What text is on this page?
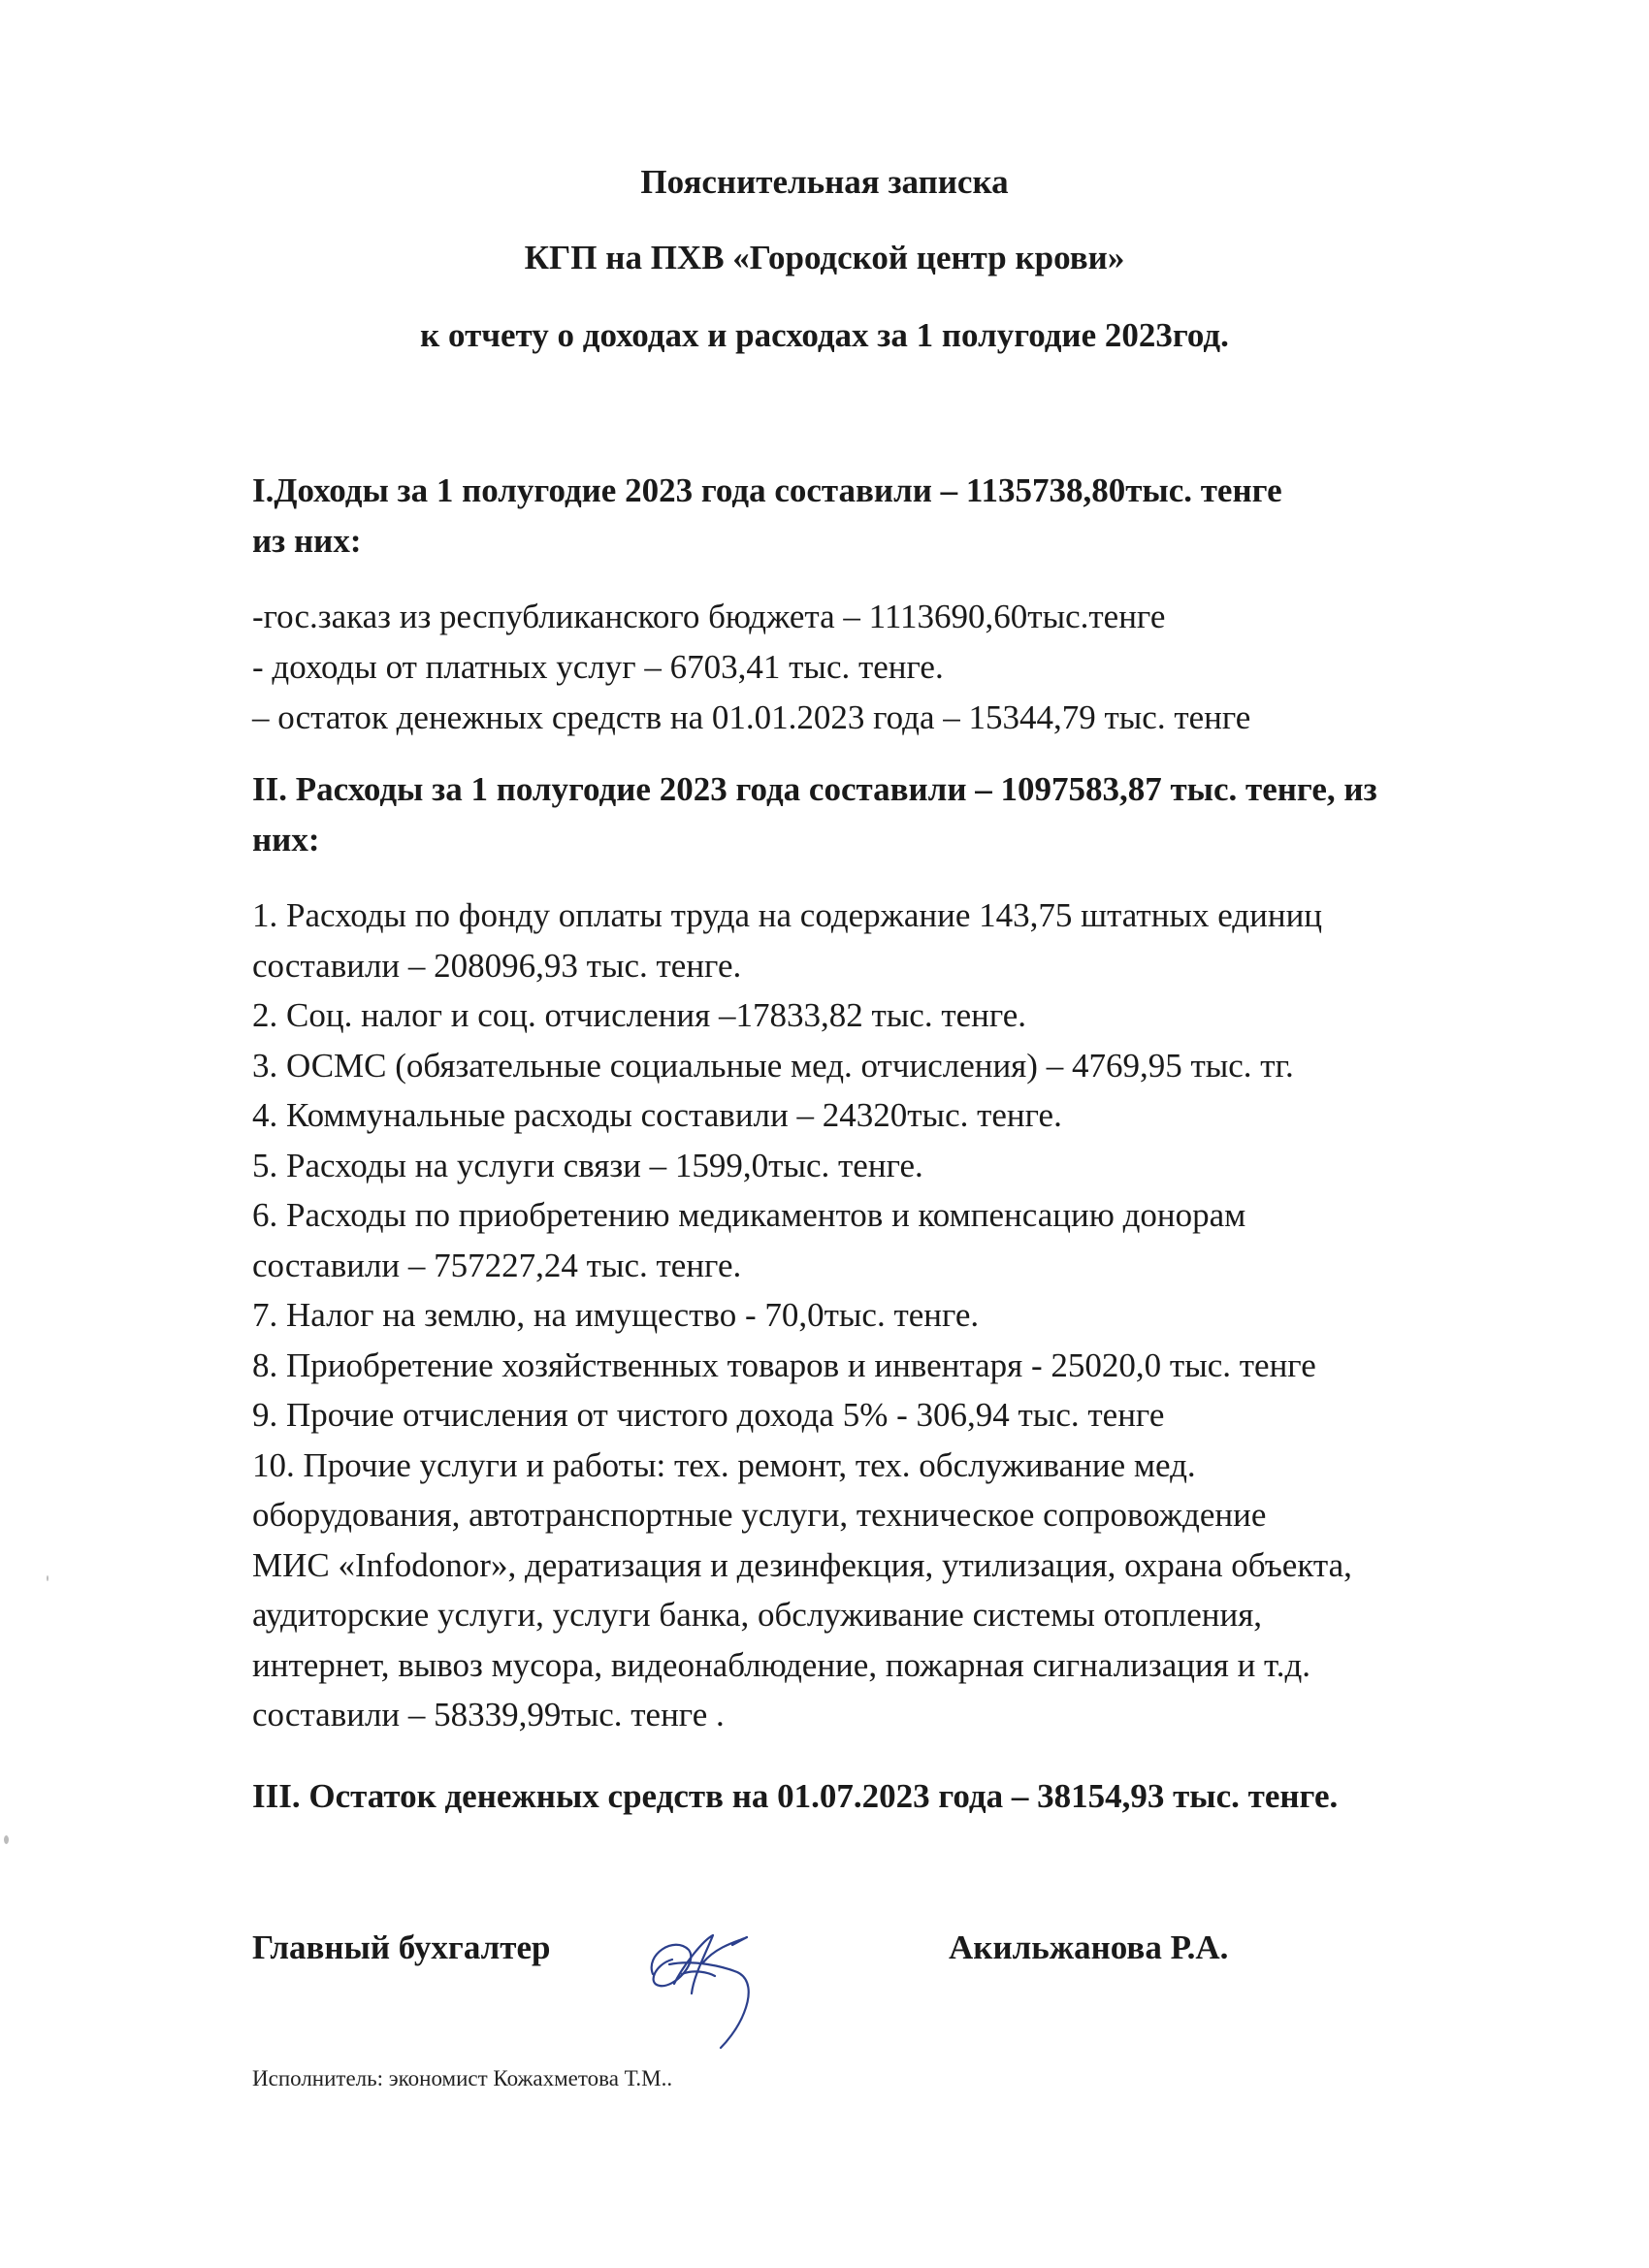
Пояснительная записка
КГП на ПХВ «Городской центр крови»
к отчету о доходах и расходах за 1 полугодие 2023год.

I.Доходы за 1 полугодие 2023 года составили – 1135738,80тыс. тенге

из них:

-гос.заказ из республиканского бюджета – 1113690,60тыс.тенге

- доходы от платных услуг – 6703,41 тыс. тенге.

– остаток денежных средств на 01.01.2023 года – 15344,79 тыс. тенге

II. Расходы за 1 полугодие 2023 года составили – 1097583,87 тыс. тенге, из

них:

1. Расходы по фонду оплаты труда на содержание 143,75 штатных единиц

составили – 208096,93 тыс. тенге.

2. Соц. налог и соц. отчисления –17833,82 тыс. тенге.

3. ОСМС (обязательные социальные мед. отчисления) – 4769,95 тыс. тг.

4. Коммунальные расходы составили – 24320тыс. тенге.

5. Расходы на услуги связи – 1599,0тыс. тенге.

6. Расходы по приобретению медикаментов и компенсацию донорам

составили – 757227,24 тыс. тенге.

7. Налог на землю, на имущество - 70,0тыс. тенге.

8. Приобретение хозяйственных товаров и инвентаря - 25020,0 тыс. тенге

9. Прочие отчисления от чистого дохода 5% - 306,94 тыс. тенге

10. Прочие услуги и работы: тех. ремонт, тех. обслуживание мед.

оборудования, автотранспортные услуги, техническое сопровождение

МИС «Infodonor», дератизация и дезинфекция, утилизация, охрана объекта,

аудиторские услуги, услуги банка, обслуживание системы отопления,

интернет, вывоз мусора, видеонаблюдение, пожарная сигнализация и т.д.

составили – 58339,99тыс. тенге .

III. Остаток денежных средств на 01.07.2023 года – 38154,93 тыс. тенге.

Главный бухгалтер	Акильжанова Р.А.
Исполнитель: экономист Кожахметова Т.М..
